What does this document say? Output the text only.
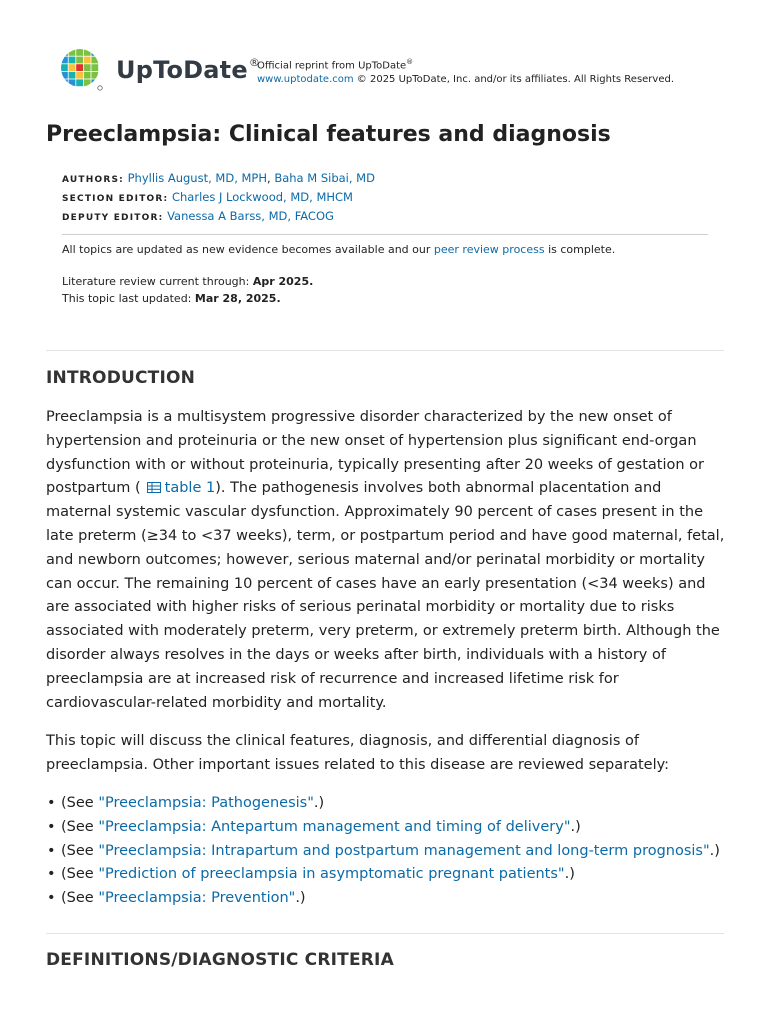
UpToDate®
Official reprint from UpToDate®
www.uptodate.com © 2025 UpToDate, Inc. and/or its affiliates. All Rights Reserved.
Preeclampsia: Clinical features and diagnosis
AUTHORS: Phyllis August, MD, MPH, Baha M Sibai, MD
SECTION EDITOR: Charles J Lockwood, MD, MHCM
DEPUTY EDITOR: Vanessa A Barss, MD, FACOG
All topics are updated as new evidence becomes available and our peer review process is complete.
Literature review current through: Apr 2025.
This topic last updated: Mar 28, 2025.
INTRODUCTION

Preeclampsia is a multisystem progressive disorder characterized by the new onset of hypertension and proteinuria or the new onset of hypertension plus significant end-organ dysfunction with or without proteinuria, typically presenting after 20 weeks of gestation or postpartum ( table 1). The pathogenesis involves both abnormal placentation and maternal systemic vascular dysfunction. Approximately 90 percent of cases present in the late preterm (≥34 to <37 weeks), term, or postpartum period and have good maternal, fetal, and newborn outcomes; however, serious maternal and/or perinatal morbidity or mortality can occur. The remaining 10 percent of cases have an early presentation (<34 weeks) and are associated with higher risks of serious perinatal morbidity or mortality due to risks associated with moderately preterm, very preterm, or extremely preterm birth. Although the disorder always resolves in the days or weeks after birth, individuals with a history of preeclampsia are at increased risk of recurrence and increased lifetime risk for cardiovascular-related morbidity and mortality.

This topic will discuss the clinical features, diagnosis, and differential diagnosis of preeclampsia. Other important issues related to this disease are reviewed separately:

• (See "Preeclampsia: Pathogenesis".)
• (See "Preeclampsia: Antepartum management and timing of delivery".)
• (See "Preeclampsia: Intrapartum and postpartum management and long-term prognosis".)
• (See "Prediction of preeclampsia in asymptomatic pregnant patients".)
• (See "Preeclampsia: Prevention".)
DEFINITIONS/DIAGNOSTIC CRITERIA
